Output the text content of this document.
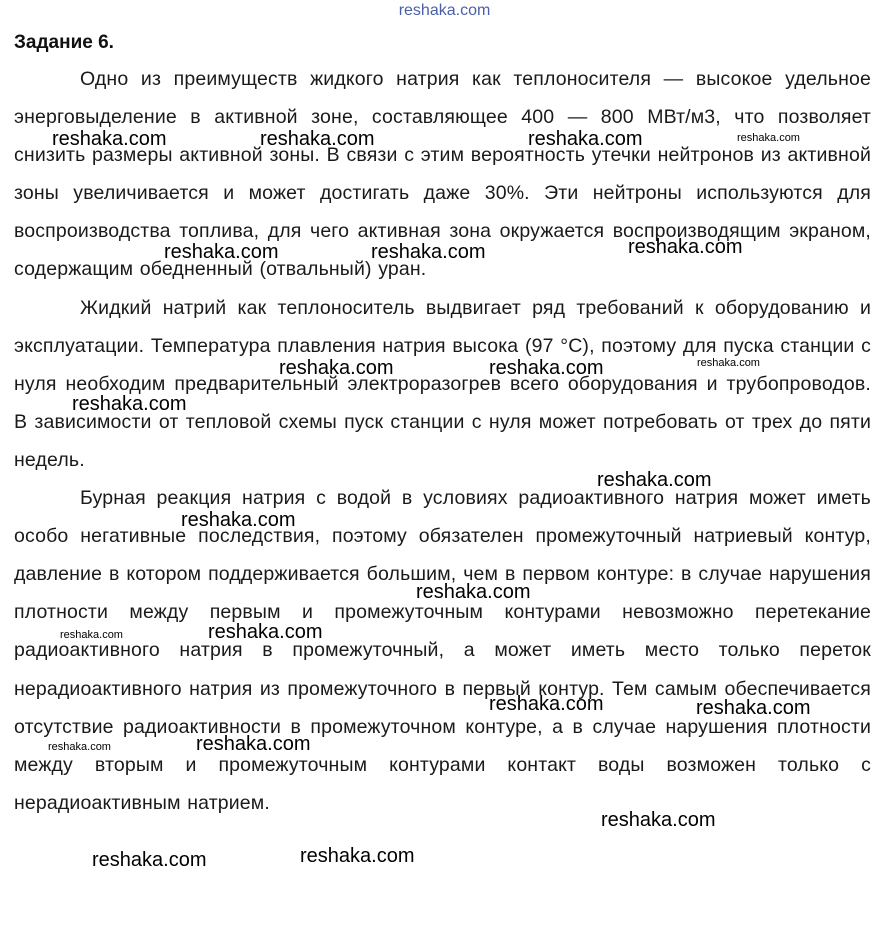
reshaka.com
Задание 6.

Одно из преимуществ жидкого натрия как теплоносителя — высокое удельное энерговыделение в активной зоне, составляющее 400 — 800 МВт/м3, что позволяет снизить размеры активной зоны. В связи с этим вероятность утечки нейтронов из активной зоны увеличивается и может достигать даже 30%. Эти нейтроны используются для воспроизводства топлива, для чего активная зона окружается воспроизводящим экраном, содержащим обедненный (отвальный) уран.

Жидкий натрий как теплоноситель выдвигает ряд требований к оборудованию и эксплуатации. Температура плавления натрия высока (97 °С), поэтому для пуска станции с нуля необходим предварительный электроразогрев всего оборудования и трубопроводов. В зависимости от тепловой схемы пуск станции с нуля может потребовать от трех до пяти недель.

Бурная реакция натрия с водой в условиях радиоактивного натрия может иметь особо негативные последствия, поэтому обязателен промежуточный натриевый контур, давление в котором поддерживается большим, чем в первом контуре: в случае нарушения плотности между первым и промежуточным контурами невозможно перетекание радиоактивного натрия в промежуточный, а может иметь место только переток нерадиоактивного натрия из промежуточного в первый контур. Тем самым обеспечивается отсутствие радиоактивности в промежуточном контуре, а в случае нарушения плотности между вторым и промежуточным контурами контакт воды возможен только с нерадиоактивным натрием.

reshaka.com	reshaka.com	reshaka.com	reshaka.com
reshaka.com
reshaka.com	reshaka.com
reshaka.com
reshaka.com	reshaka.com
reshaka.com
reshaka.com
reshaka.com
reshaka.com
reshaka.com
reshaka.com
reshaka.com	reshaka.com
reshaka.com
reshaka.com
reshaka.com
reshaka.com	reshaka.com
